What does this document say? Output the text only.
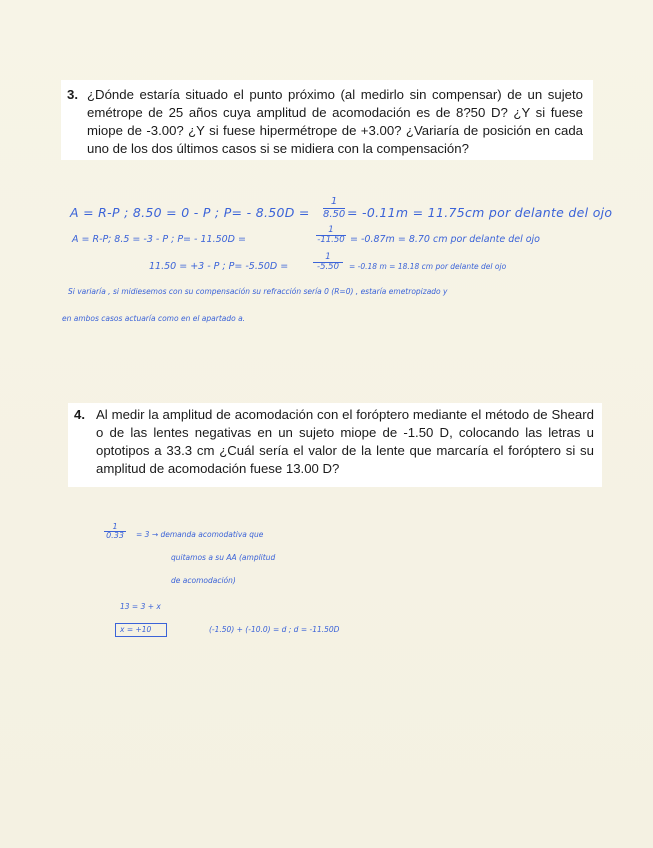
3. ¿Dónde estaría situado el punto próximo (al medirlo sin compensar) de un sujeto emétrope de 25 años cuya amplitud de acomodación es de 8?50 D? ¿Y si fuese miope de -3.00? ¿Y si fuese hipermétrope de +3.00? ¿Variaría de posición en cada uno de los dos últimos casos si se midiera con la compensación?
A = R-P ; 8.50 = 0 - P ; $P= - 8.50D = \frac{1}{8.50} = -0.11m = 11.75cm$ por delante del ojo
A = R-P; 8.5 = -3 - P ; P= - 11.50D =	$\frac{1}{-11.50} = -0.87m = 8.70$ cm por delante del ojo
11.50 = +3 - P ; P= -5.50D =	$\frac{1}{-5.50} = -0.18$ m = 18.18 cm por delante del ojo
Si variaría , si midiesemos con su compensación su refracción sería 0 (R=0) , estaría emetropizado y
en ambos casos actuaría como en el apartado a.
4. Al medir la amplitud de acomodación con el foróptero mediante el método de Sheard o de las lentes negativas en un sujeto miope de -1.50 D, colocando las letras u optotipos a 33.3 cm ¿Cuál sería el valor de la lente que marcaría el foróptero si su amplitud de acomodación fuese 13.00 D?
$\frac{1}{0.33} = 3$ → demanda acomodativa que
quitamos a su AA (amplitud
de acomodación)
13 = 3 + x
x = +10	(-1.50) + (-10.0) = d ; d = -11.50D
